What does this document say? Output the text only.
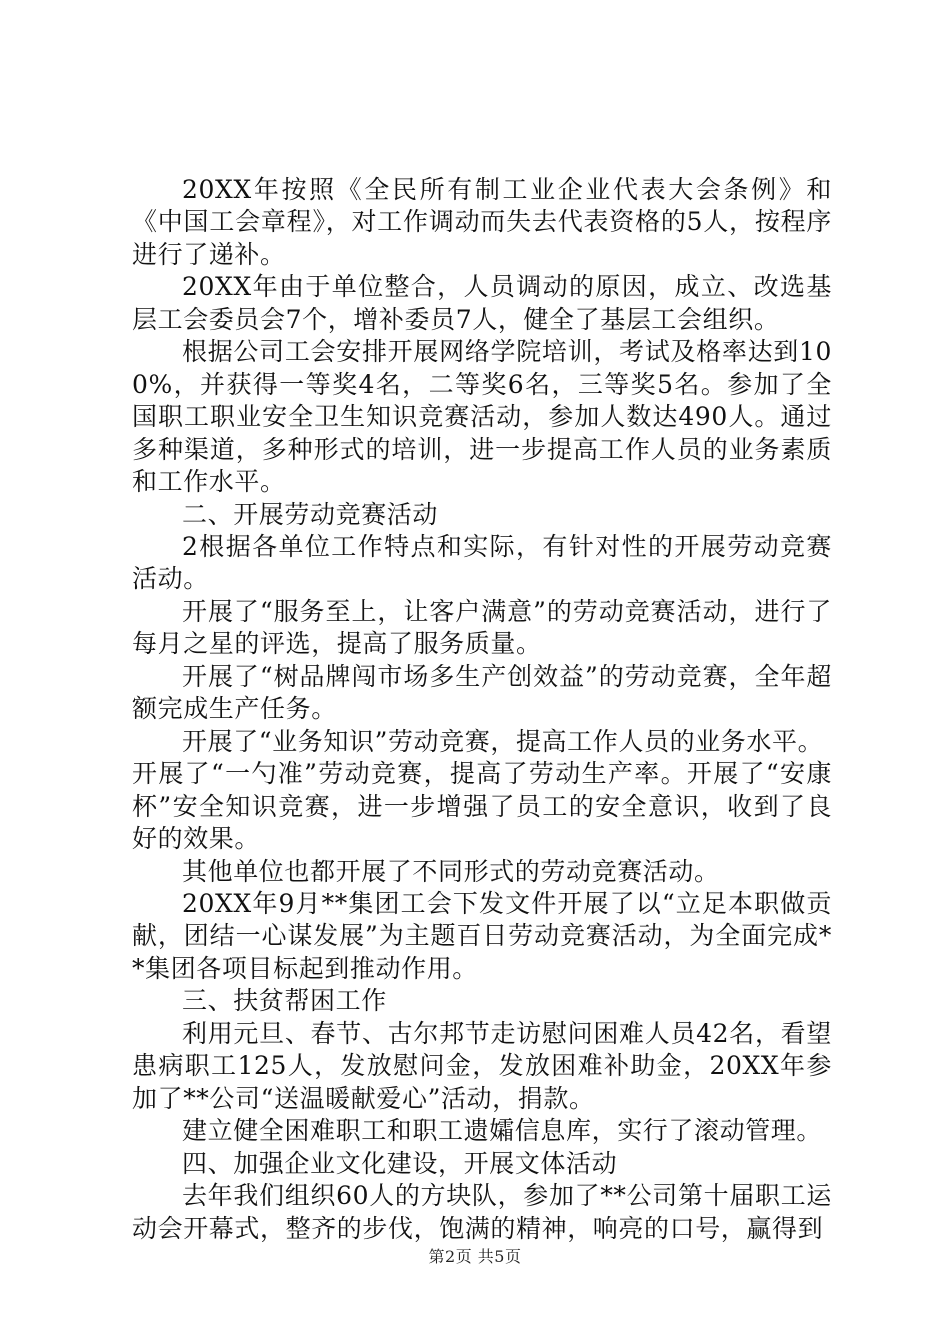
20XX年按照《全民所有制工业企业代表大会条例》和《中国工会章程》，对工作调动而失去代表资格的5人，按程序进行了递补。

20XX年由于单位整合，人员调动的原因，成立、改选基层工会委员会7个，增补委员7人，健全了基层工会组织。

根据公司工会安排开展网络学院培训，考试及格率达到100%，并获得一等奖4名，二等奖6名，三等奖5名。参加了全国职工职业安全卫生知识竞赛活动，参加人数达490人。通过多种渠道，多种形式的培训，进一步提高工作人员的业务素质和工作水平。

二、开展劳动竞赛活动

2根据各单位工作特点和实际，有针对性的开展劳动竞赛活动。

开展了“服务至上，让客户满意”的劳动竞赛活动，进行了每月之星的评选，提高了服务质量。

开展了“树品牌闯市场多生产创效益”的劳动竞赛，全年超额完成生产任务。

开展了“业务知识”劳动竞赛，提高工作人员的业务水平。

开展了“一勺准”劳动竞赛，提高了劳动生产率。开展了“安康杯”安全知识竞赛，进一步增强了员工的安全意识，收到了良好的效果。

其他单位也都开展了不同形式的劳动竞赛活动。

20XX年9月**集团工会下发文件开展了以“立足本职做贡献，团结一心谋发展”为主题百日劳动竞赛活动，为全面完成**集团各项目标起到推动作用。

三、扶贫帮困工作

利用元旦、春节、古尔邦节走访慰问困难人员42名，看望患病职工125人，发放慰问金，发放困难补助金，20XX年参加了**公司“送温暖献爱心”活动，捐款。

建立健全困难职工和职工遗孀信息库，实行了滚动管理。

四、加强企业文化建设，开展文体活动

去年我们组织60人的方块队，参加了**公司第十届职工运动会开幕式，整齐的步伐，饱满的精神，响亮的口号，赢得到

第2页 共5页
